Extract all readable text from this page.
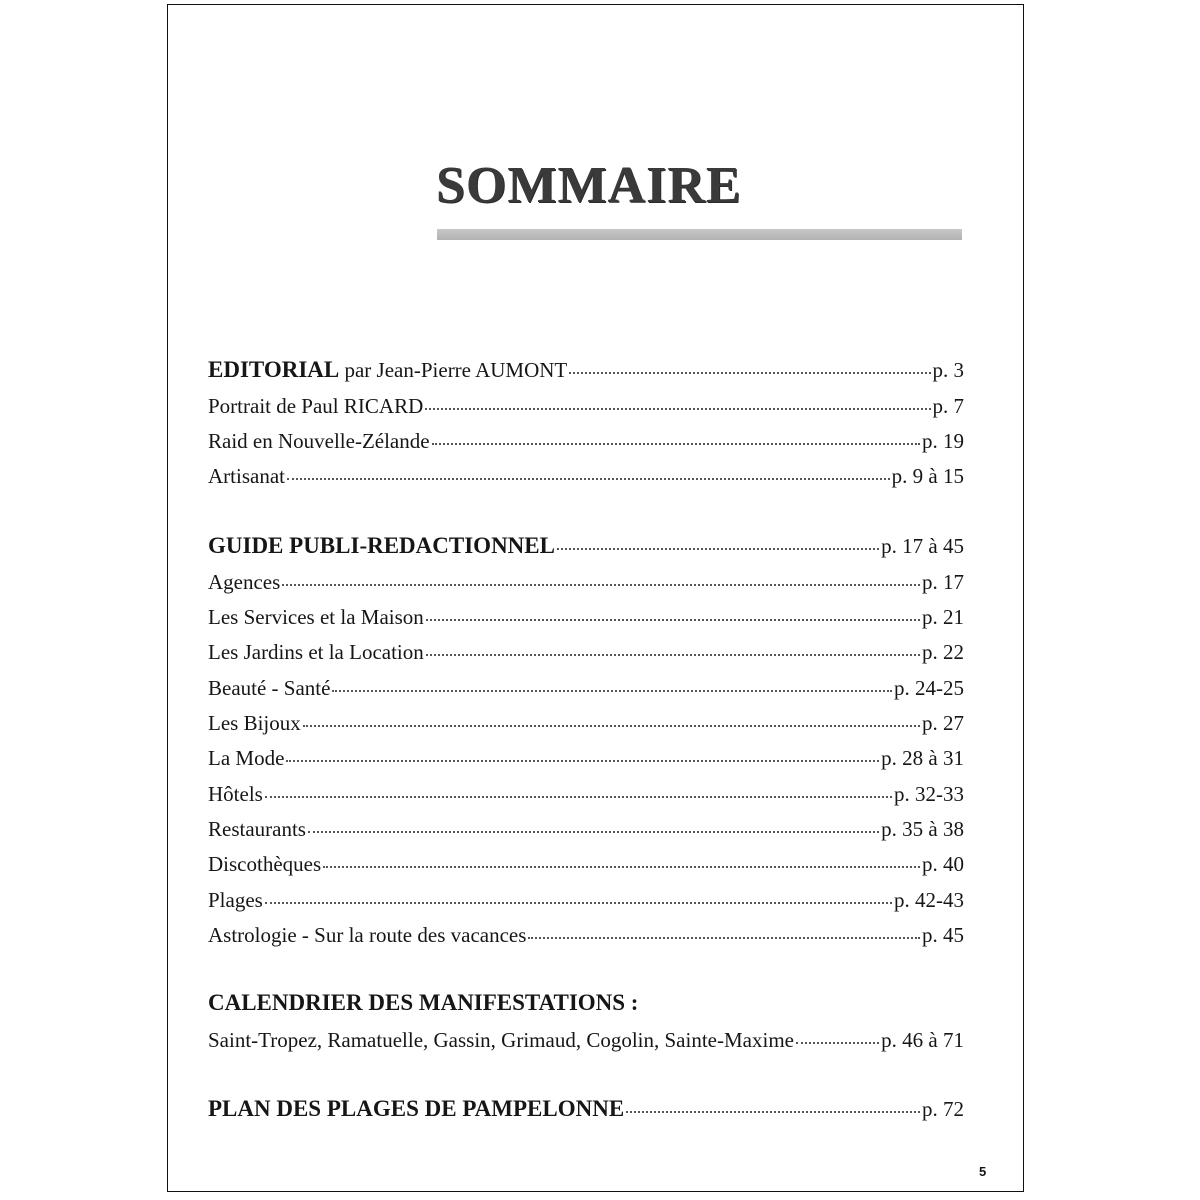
SOMMAIRE
EDITORIAL par Jean-Pierre AUMONT	p. 3
Portrait de Paul RICARD	p. 7
Raid en Nouvelle-Zélande	p. 19
Artisanat	p. 9 à 15
GUIDE PUBLI-REDACTIONNEL	p. 17 à 45
Agences	p. 17
Les Services et la Maison	p. 21
Les Jardins et la Location	p. 22
Beauté - Santé	p. 24-25
Les Bijoux	p. 27
La Mode	p. 28 à 31
Hôtels	p. 32-33
Restaurants	p. 35 à 38
Discothèques	p. 40
Plages	p. 42-43
Astrologie - Sur la route des vacances	p. 45
CALENDRIER DES MANIFESTATIONS :
Saint-Tropez, Ramatuelle, Gassin, Grimaud, Cogolin, Sainte-Maxime	p. 46 à 71
PLAN DES PLAGES DE PAMPELONNE	p. 72
5
